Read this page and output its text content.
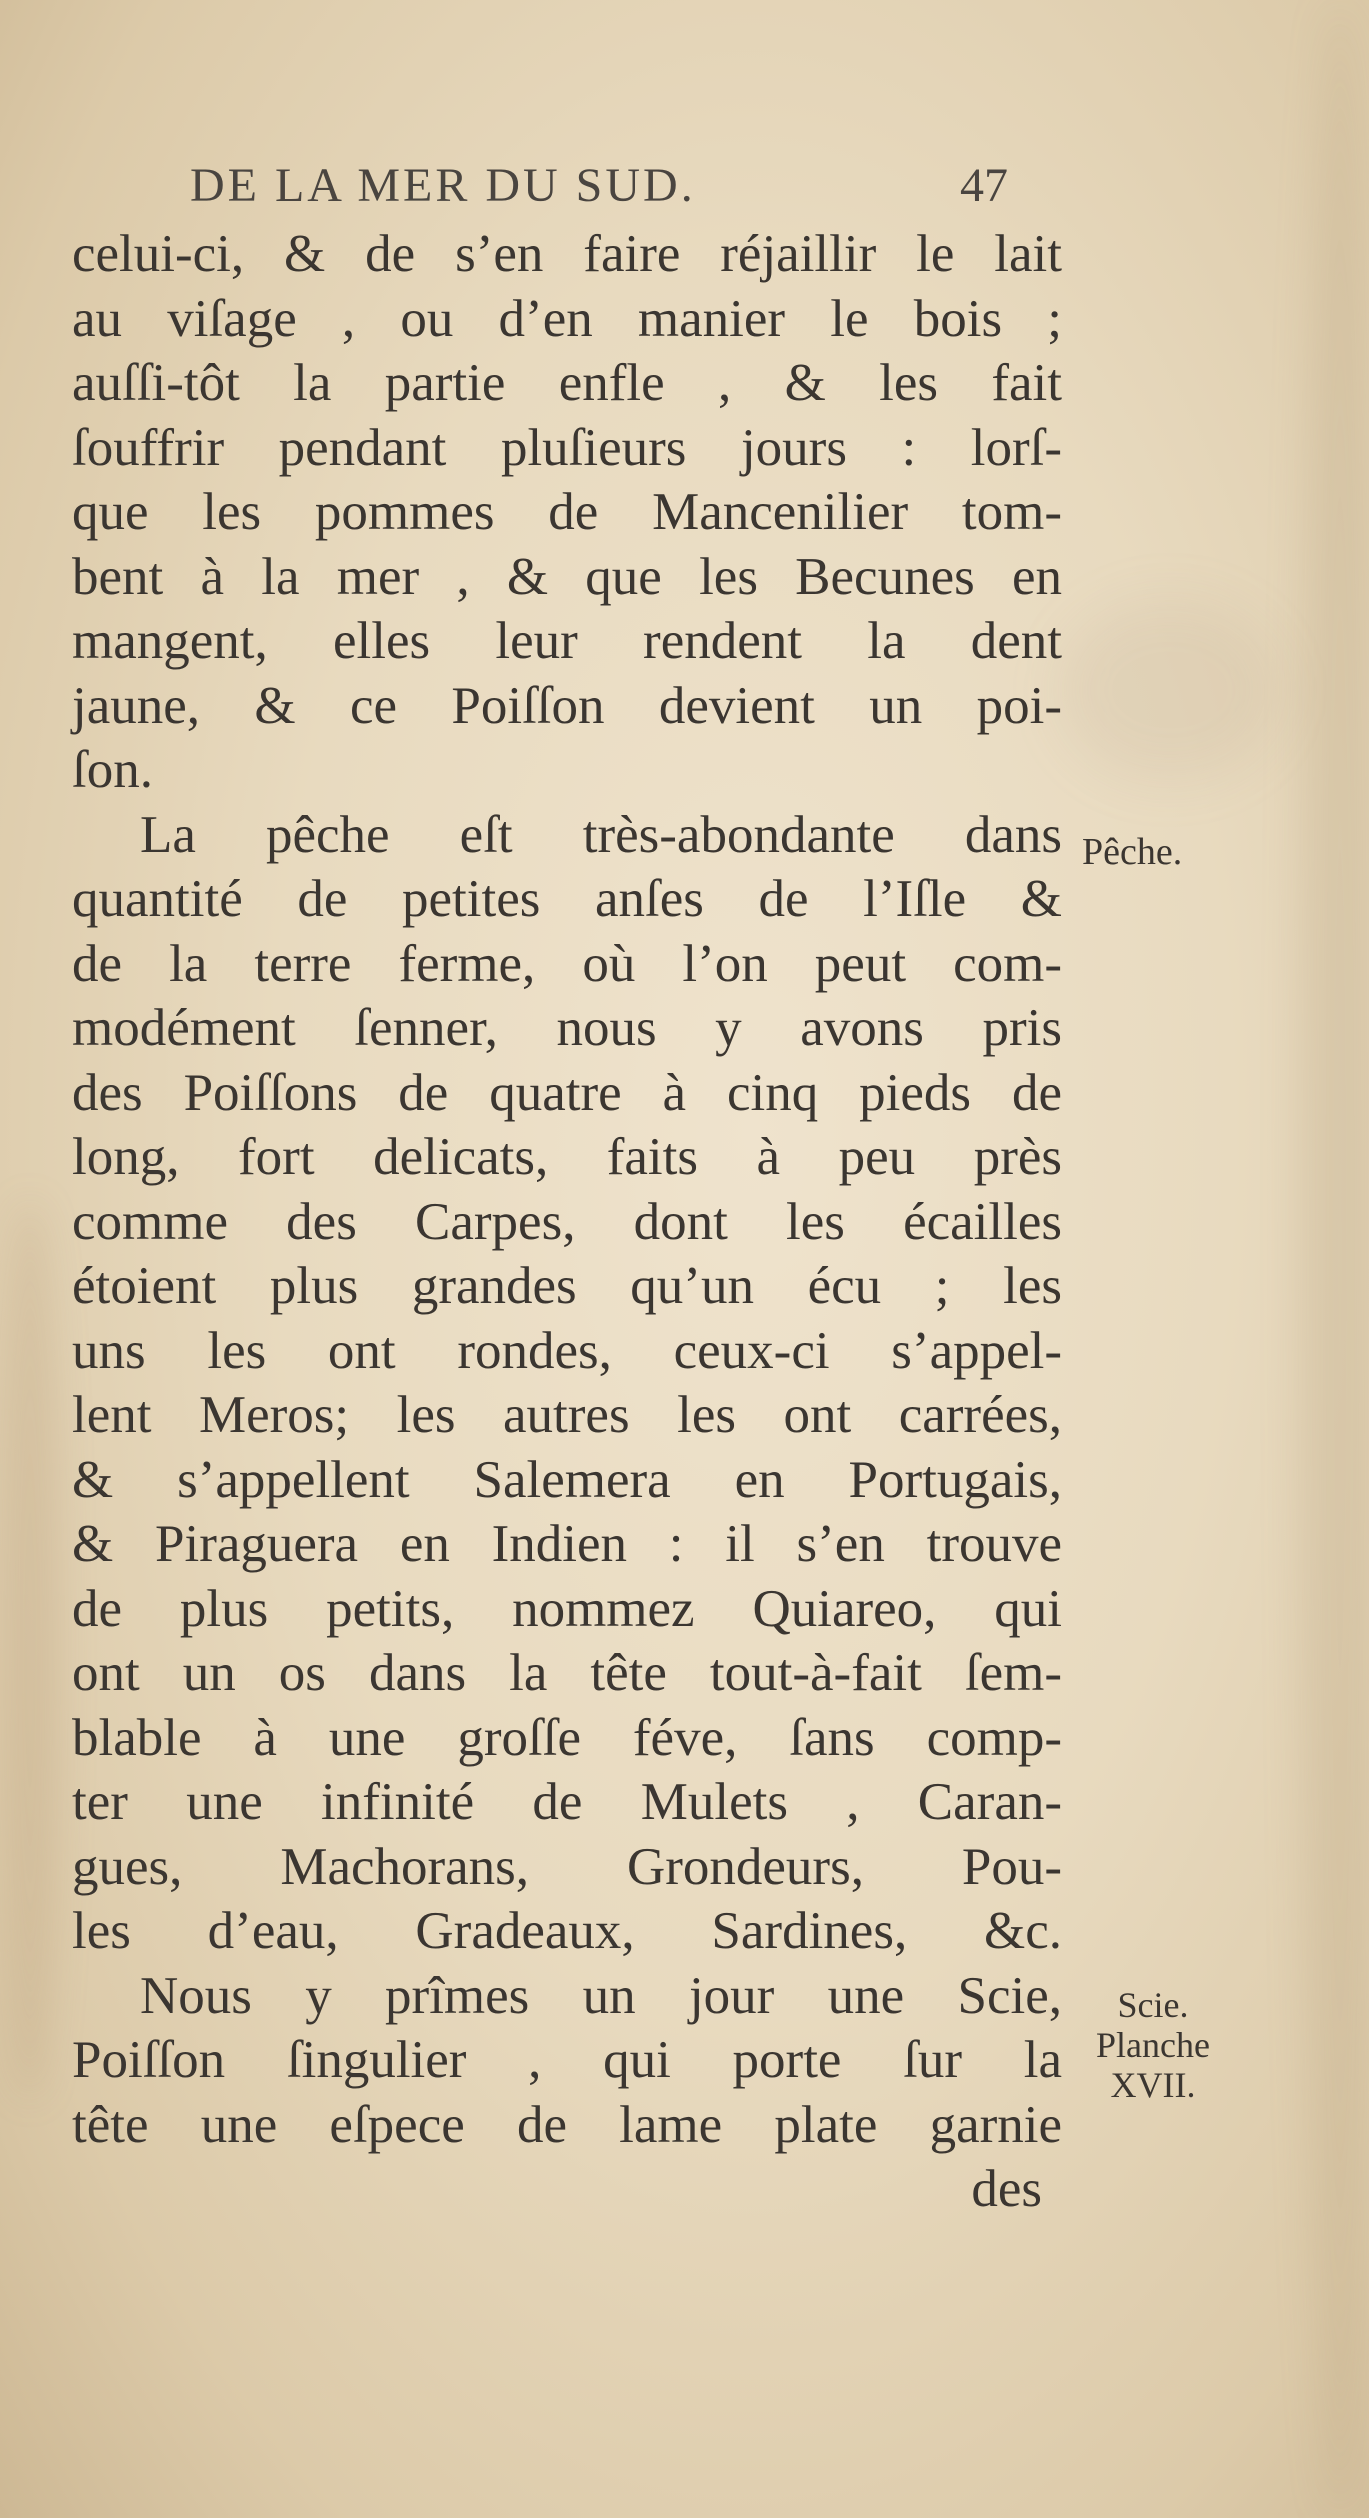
DE LA MER DU SUD.	47
celui-ci, & de s’en faire réjaillir le lait
au viſage , ou d’en manier le bois ;
auſſi-tôt la partie enfle , & les fait
ſouffrir pendant pluſieurs jours : lorſ-
que les pommes de Mancenilier tom-
bent à la mer , & que les Becunes en
mangent, elles leur rendent la dent
jaune, & ce Poiſſon devient un poi-
ſon.
La pêche eſt très-abondante dans
quantité de petites anſes de l’Iſle &
de la terre ferme, où l’on peut com-
modément ſenner, nous y avons pris
des Poiſſons de quatre à cinq pieds de
long, fort delicats, faits à peu près
comme des Carpes, dont les écailles
étoient plus grandes qu’un écu ; les
uns les ont rondes, ceux-ci s’appel-
lent Meros; les autres les ont carrées,
& s’appellent Salemera en Portugais,
& Piraguera en Indien : il s’en trouve
de plus petits, nommez Quiareo, qui
ont un os dans la tête tout-à-fait ſem-
blable à une groſſe féve, ſans comp-
ter une infinité de Mulets , Caran-
gues, Machorans, Grondeurs, Pou-
les d’eau, Gradeaux, Sardines, &c.
Nous y prîmes un jour une Scie,
Poiſſon ſingulier , qui porte ſur la
tête une eſpece de lame plate garnie
des
Pêche.
Scie.
Planche
XVII.
